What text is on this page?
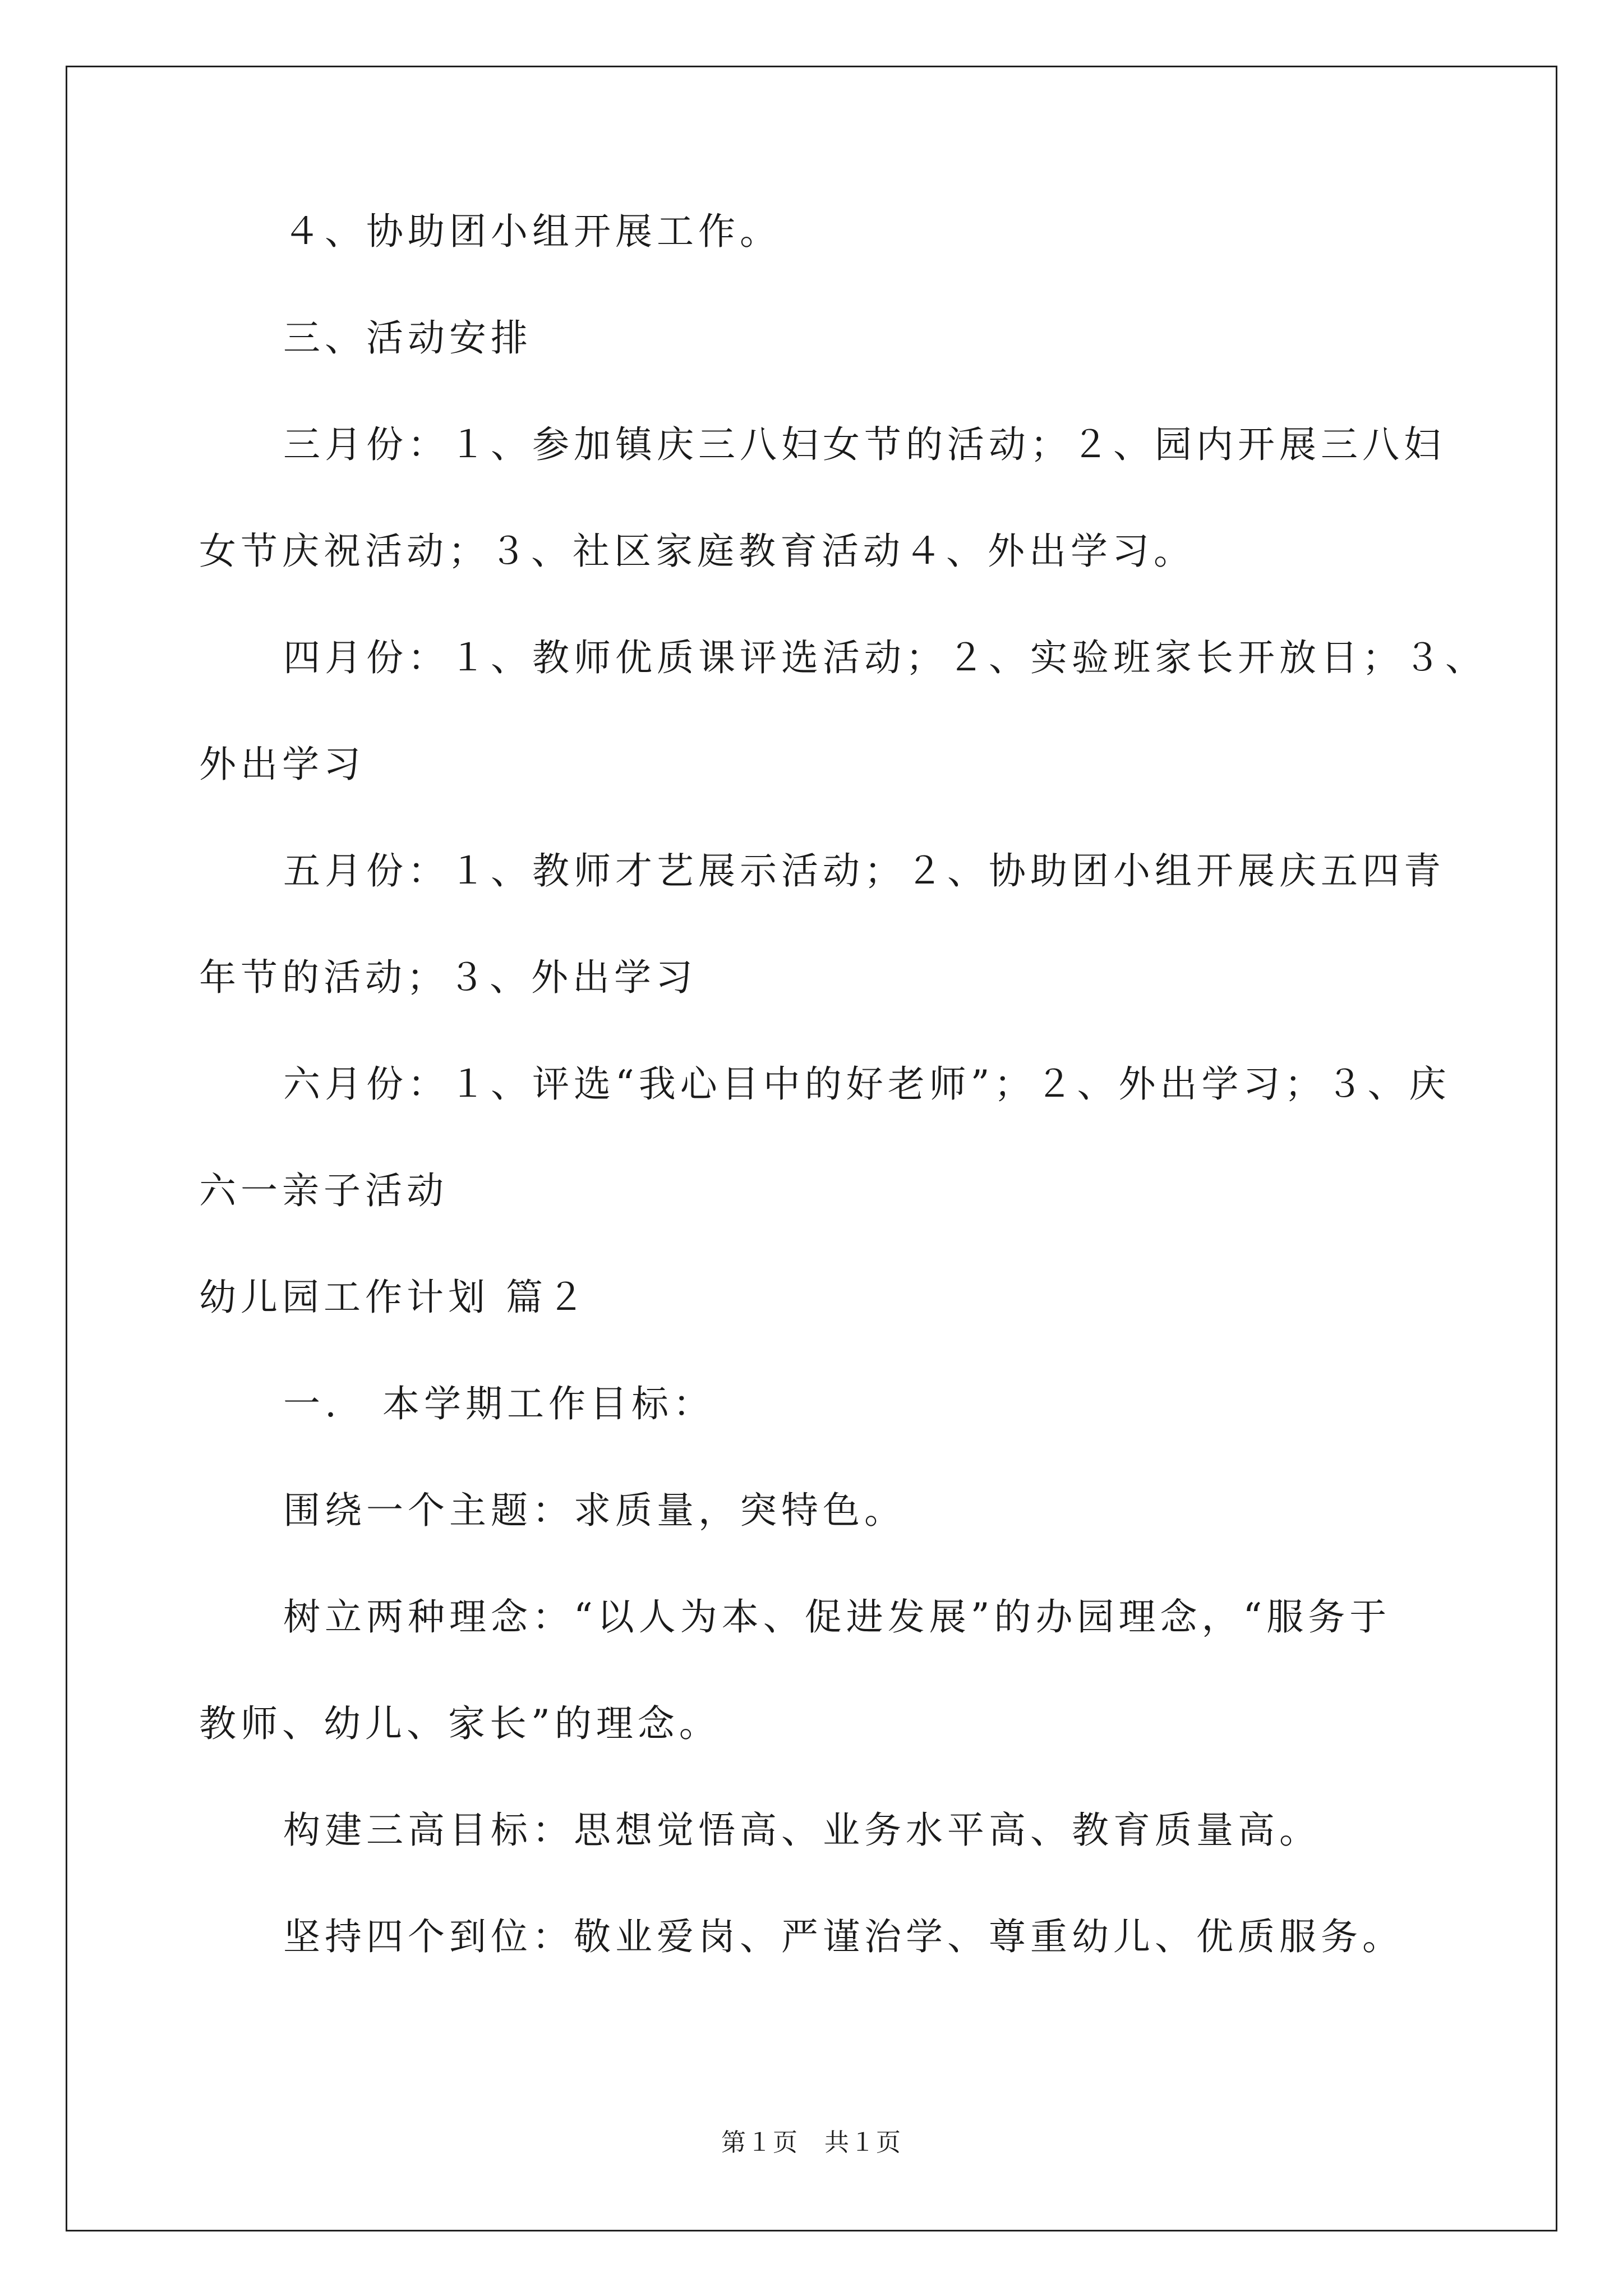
４、协助团小组开展工作。
三、活动安排
三月份：１、参加镇庆三八妇女节的活动；２、园内开展三八妇
女节庆祝活动；３、社区家庭教育活动４、外出学习。
四月份：１、教师优质课评选活动；２、实验班家长开放日；３、
外出学习
五月份：１、教师才艺展示活动；２、协助团小组开展庆五四青
年节的活动；３、外出学习
六月份：１、评选“我心目中的好老师”；２、外出学习；３、庆
六一亲子活动
幼儿园工作计划 篇２
一.　本学期工作目标：
围绕一个主题：求质量，突特色。
树立两种理念：“以人为本、促进发展”的办园理念，“服务于
教师、幼儿、家长”的理念。
构建三高目标：思想觉悟高、业务水平高、教育质量高。
坚持四个到位：敬业爱岗、严谨治学、尊重幼儿、优质服务。
第１页　共１页
